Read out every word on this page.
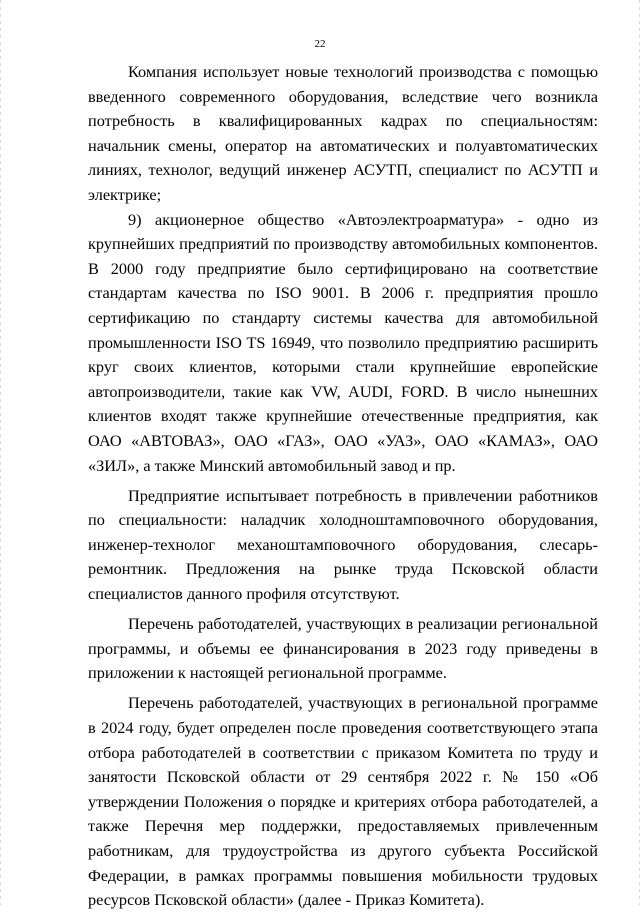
22

Компания использует новые технологий производства с помощью введенного современного оборудования, вследствие чего возникла потребность в квалифицированных кадрах по специальностям: начальник смены, оператор на автоматических и полуавтоматических линиях, технолог, ведущий инженер АСУТП, специалист по АСУТП и электрике;

9) акционерное общество «Автоэлектроарматура» - одно из крупнейших предприятий по производству автомобильных компонентов. В 2000 году предприятие было сертифицировано на соответствие стандартам качества по ISO 9001. В 2006 г. предприятия прошло сертификацию по стандарту системы качества для автомобильной промышленности ISO TS 16949, что позволило предприятию расширить круг своих клиентов, которыми стали крупнейшие европейские автопроизводители, такие как VW, AUDI, FORD. В число нынешних клиентов входят также крупнейшие отечественные предприятия, как ОАО «АВТОВАЗ», ОАО «ГАЗ», ОАО «УАЗ», ОАО «КАМАЗ», ОАО «ЗИЛ», а также Минский автомобильный завод и пр.

Предприятие испытывает потребность в привлечении работников по специальности: наладчик холодноштамповочного оборудования, инженер-технолог механоштамповочного оборудования, слесарь-ремонтник. Предложения на рынке труда Псковской области специалистов данного профиля отсутствуют.

Перечень работодателей, участвующих в реализации региональной программы, и объемы ее финансирования в 2023 году приведены в приложении к настоящей региональной программе.

Перечень работодателей, участвующих в региональной программе в 2024 году, будет определен после проведения соответствующего этапа отбора работодателей в соответствии с приказом Комитета по труду и занятости Псковской области от 29 сентября 2022 г. № 150 «Об утверждении Положения о порядке и критериях отбора работодателей, а также Перечня мер поддержки, предоставляемых привлеченным работникам, для трудоустройства из другого субъекта Российской Федерации, в рамках программы повышения мобильности трудовых ресурсов Псковской области» (далее - Приказ Комитета).
